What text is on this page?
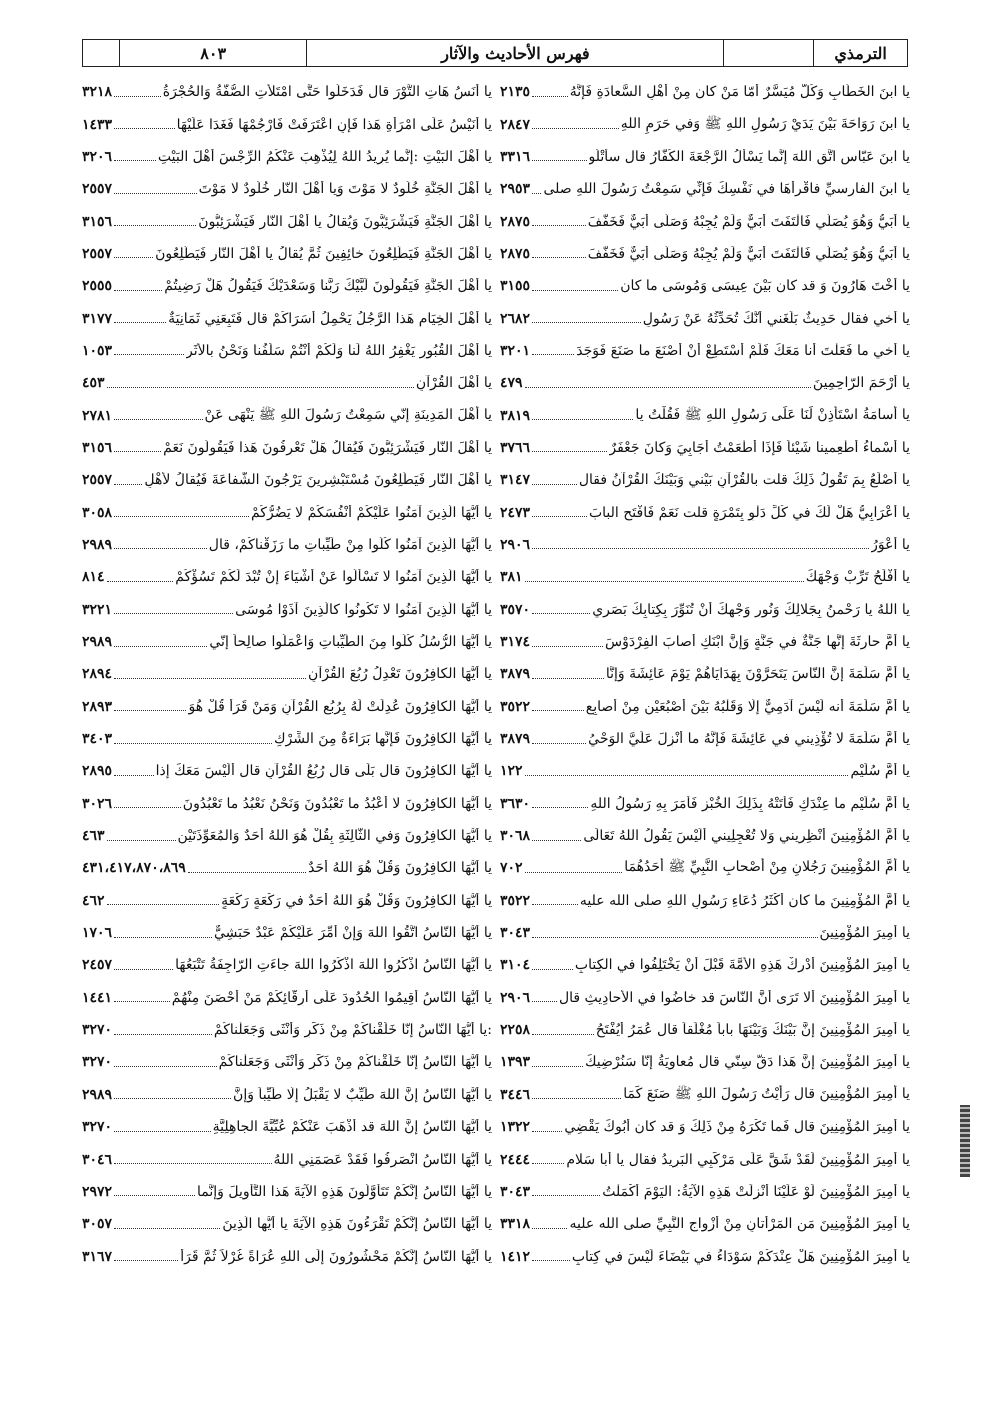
الترمذي
فهرس الأحاديث والآثار
٨٠٣
يا ابنَ الخَطّابِ وَكُلٌّ مُيَسَّرٌ أمّا مَنْ كان مِنْ أَهْلِ السَّعادَةِ فَإِنَّهُ
٢١٣٥
يا ابنَ رَوَاحَةَ بَيْنَ يَدَيْ رَسُولِ اللهِ ﷺ وَفي حَرَمِ اللهِ
٢٨٤٧
يا ابنَ عَبّاسٍ اتَّقِ اللهَ إنَّما يَسْأَلُ الرَّجْعَةَ الكُفّارُ قال سأتْلُو
٣٣١٦
يا ابنَ الفارِسيِّ فاقْرأْهَا في نَفْسِكَ فَإِنِّي سَمِعْتُ رَسُولَ اللهِ صلى
٢٩٥٣
يا أُبَيُّ وَهُوَ يُصَلّي فَالْتَفَتَ أُبَيٌّ وَلَمْ يُجِبْهُ وَصَلّى أُبَيٌّ فَخَفَّفَ
٢٨٧٥
يا أُبَيُّ وَهُوَ يُصَلّي فَالْتَفَتَ أُبَيٌّ وَلَمْ يُجِبْهُ وَصَلّى أُبَيٌّ فَخَفَّفَ
٢٨٧٥
يا أُخْتَ هَارُونَ وَ قد كان بَيْنَ عِيسَى وَمُوسَى ما كان
٣١٥٥
يا أخي فقال حَدِيثٌ بَلَغَني أَنَّكَ تُحَدِّثُهُ عَنْ رَسُولِ
٢٦٨٢
يا أخي ما فَعَلْتَ أنا مَعَكَ فَلَمْ أَسْتَطِعْ أنْ أَصْنَعَ ما صَنَعَ فَوَجَدَ
٣٢٠١
يا أَرْحَمَ الرّاحِمِينَ
٤٧٩
يا أُسامَةُ اسْتَأْذِنْ لَنَا عَلَى رَسُولِ اللهِ ﷺ فَقُلْتُ يا
٣٨١٩
يا أَسْماءُ أَطْعِمينا شَيْئاً فَإِذَا أَطْعَمْتُ أَجَابِيَ وَكانَ جَعْفَرٌ
٣٧٦٦
يا أَصْلَعُ بِمَ تَقُولُ ذَلِكَ قلت بالقُرْآنِ بَيْني وَبَيْنَكَ القُرْآنُ فقال
٣١٤٧
يا أَعْرَابِيُّ هَلْ لَكَ في كُلِّ دَلْوٍ بِتَمْرَةٍ قلت نَعَمْ فَافْتَحِ البابَ
٢٤٧٣
يا أَعْوَرُ
٢٩٠٦
يا أَفْلَحُ تَرِّبْ وَجْهَكَ
٣٨١
يا اللهُ يا رَحْمنُ بِجَلالِكَ وَنُورِ وَجْهِكَ أَنْ تُنَوِّرَ بِكِتابِكَ بَصَري
٣٥٧٠
يا أُمَّ حارِثَةَ إِنَّها جَنَّةٌ في جَنَّةٍ وَإِنَّ ابْنَكِ أَصابَ الفِرْدَوْسَ
٣١٧٤
يا أُمَّ سَلَمَةَ إنَّ النّاسَ يَتَحَرَّوْنَ بِهَدَايَاهُمْ يَوْمَ عَائِشَةَ وَإِنَّا
٣٨٧٩
يا أُمَّ سَلَمَةَ أنه لَيْسَ آدَمِيٌّ إلّا وَقَلْبُهُ بَيْنَ أُصْبُعَيْنِ مِنْ أَصابِعِ
٣٥٢٢
يا أُمَّ سَلَمَةَ لا تُؤْذِيني في عَائِشَةَ فَإِنَّهُ ما أُنْزِلَ عَلَيَّ الوَحْيُ
٣٨٧٩
يا أُمَّ سُلَيْمٍ
١٢٢
يا أُمَّ سُلَيْمٍ ما عِنْدَكِ فَأَتَتْهُ بِذَلِكَ الخُبْزِ فَأَمَرَ بِهِ رَسُولُ اللهِ
٣٦٣٠
يا أُمَّ المُؤْمِنِينَ أَنْظِرِيني وَلا تُعْجِلِيني أَلَيْسَ يَقُولُ اللهُ تَعَالَى
٣٠٦٨
يا أُمَّ المُؤْمِنِينَ رَجُلانِ مِنْ أَصْحابِ النَّبِيِّ ﷺ أَحَدُهُمَا
٧٠٢
يا أُمَّ المُؤْمِنِينَ ما كان أَكْثَرُ دُعَاءِ رَسُولِ اللهِ صلى الله عليه
٣٥٢٢
يا أَمِيرَ المُؤْمِنِينَ
٣٠٤٣
يا أَمِيرَ المُؤْمِنِينَ أَدْرِكْ هَذِهِ الأُمَّةَ قَبْلَ أَنْ يَخْتَلِفُوا في الكِتابِ
٣١٠٤
يا أَمِيرَ المُؤْمِنِينَ أَلا تَرَى أَنَّ النّاسَ قد خاضُوا في الأَحادِيثِ قال
٢٩٠٦
يا أَمِيرَ المُؤْمِنِينَ إنَّ بَيْنَكَ وَبَيْنَهَا باباً مُغْلَقاً قال عُمَرُ أَيُفْتَحُ
٢٢٥٨
يا أَمِيرَ المُؤْمِنِينَ إنَّ هَذا دَقَّ سِنّي قال مُعاوِيَةُ إنّا سَنُرْضِيكَ
١٣٩٣
يا أَمِيرَ المُؤْمِنِينَ قال رَأَيْتُ رَسُولَ اللهِ ﷺ صَنَعَ كَمَا
٣٤٤٦
يا أَمِيرَ المُؤْمِنِينَ قال فَما تَكْرَهُ مِنْ ذَلِكَ وَ قد كان أَبُوكَ يَقْضِي
١٣٢٢
يا أَمِيرَ المُؤْمِنِينَ لَقَدْ شَقَّ عَلَى مَرْكَبِي البَرِيدُ فقال يا أَبا سَلامٍ
٢٤٤٤
يا أَمِيرَ المُؤْمِنِينَ لَوْ عَلَيْنَا أُنْزِلَتْ هَذِهِ الآيَةُ: اليَوْمَ أَكْمَلْتُ
٣٠٤٣
يا أَمِيرَ المُؤْمِنِينَ مَنِ المَرْأَتانِ مِنْ أَزْواجِ النَّبِيِّ صلى الله عليه
٣٣١٨
يا أَمِيرَ المُؤْمِنِينَ هَلْ عِنْدَكُمْ سَوْدَاءُ في بَيْضَاءَ لَيْسَ في كِتابِ
١٤١٢
يا أَنَسُ هَاتِ التَّوْرَ قال فَدَخَلُوا حَتَّى امْتَلأَتِ الصُّفَّةُ وَالحُجْرَةُ
٣٢١٨
يا أُنَيْسُ عَلَى امْرَأَةِ هَذا فَإِنِ اعْتَرَفَتْ فَارْجُمْهَا فَغَدَا عَلَيْهَا
١٤٣٣
يا أَهْلَ البَيْتِ :إنَّما يُرِيدُ اللهُ لِيُذْهِبَ عَنْكُمُ الرِّجْسَ أَهْلَ البَيْتِ
٣٢٠٦
يا أَهْلَ الجَنَّةِ خُلُودٌ لا مَوْتَ وَيا أَهْلَ النّارِ خُلُودٌ لا مَوْتَ
٢٥٥٧
يا أَهْلَ الجَنَّةِ فَيَشْرَئِبُّونَ وَيُقالُ يا أَهْلَ النّارِ فَيَشْرَئِبُّونَ
٣١٥٦
يا أَهْلَ الجَنَّةِ فَيَطَّلِعُونَ خائِفِينَ ثُمَّ يُقالُ يا أَهْلَ النّارِ فَيَطَّلِعُونَ
٢٥٥٧
يا أَهْلَ الجَنَّةِ فَيَقُولُونَ لَبَّيْكَ رَبَّنا وَسَعْدَيْكَ فَيَقُولُ هَلْ رَضِيتُمْ
٢٥٥٥
يا أَهْلَ الخِيَامِ هَذا الرَّجُلُ يَحْمِلُ أُسَرَاكُمْ قال فَتَبِعَنِي ثَمَانِيَةٌ
٣١٧٧
يا أَهْلَ القُبُورِ يَغْفِرُ اللهُ لَنا وَلَكُمْ أَنْتُمْ سَلَفُنا وَنَحْنُ بالأَثَرِ
١٠٥٣
يا أَهْلَ القُرْآنِ
٤٥٣
يا أَهْلَ المَدِينَةِ إنّي سَمِعْتُ رَسُولَ اللهِ ﷺ يَنْهَى عَنْ
٢٧٨١
يا أَهْلَ النّارِ فَيَشْرَئِبُّونَ فَيُقالُ هَلْ تَعْرِفُونَ هَذا فَيَقُولُونَ نَعَمْ
٣١٥٦
يا أَهْلَ النّارِ فَيَطَّلِعُونَ مُسْتَبْشِرِينَ يَرْجُونَ الشَّفاعَةَ فَيُقالُ لأَهْلِ
٢٥٥٧
يا أَيُّهَا الَّذِينَ آمَنُوا عَلَيْكُمْ أَنْفُسَكُمْ لا يَضُرُّكُمْ
٣٠٥٨
يا أَيُّهَا الَّذِينَ آمَنُوا كُلُوا مِنْ طَيِّباتِ ما رَزَقْناكُمْ، قال
٢٩٨٩
يا أَيُّهَا الَّذِينَ آمَنُوا لا تَسْأَلُوا عَنْ أَشْيَاءَ إنْ تُبْدَ لَكُمْ تَسُؤْكُمْ
٨١٤
يا أَيُّهَا الَّذِينَ آمَنُوا لا تَكُونُوا كالَّذِينَ آذَوْا مُوسَى
٣٢٢١
يا أَيُّهَا الرُّسُلُ كُلُوا مِنَ الطَّيِّباتِ وَاعْمَلُوا صالِحاً إنّي
٢٩٨٩
يا أَيُّهَا الكافِرُونَ تَعْدِلُ رُبُعَ القُرْآنِ
٢٨٩٤
يا أَيُّهَا الكافِرُونَ عُدِلَتْ لَهُ بِرُبُعِ القُرْآنِ وَمَنْ قَرَأَ قُلْ هُوَ
٢٨٩٣
يا أَيُّهَا الكافِرُونَ فَإِنَّها بَرَاءَةٌ مِنَ الشِّرْكِ
٣٤٠٣
يا أَيُّهَا الكافِرُونَ قال بَلَى قال رُبُعُ القُرْآنِ قال أَلَيْسَ مَعَكَ إذا
٢٨٩٥
يا أَيُّهَا الكافِرُونَ لا أَعْبُدُ ما تَعْبُدُونَ وَنَحْنُ نَعْبُدُ ما تَعْبُدُونَ
٣٠٢٦
يا أَيُّهَا الكافِرُونَ وَفي الثّالِثَةِ بِقُلْ هُوَ اللهُ أَحَدٌ وَالمُعَوِّذَتَيْنِ
٤٦٣
يا أَيُّهَا الكافِرُونَ وَقُلْ هُوَ اللهُ أَحَدٌ
٤٣١،٤١٧،٨٧٠،٨٦٩
يا أَيُّهَا الكافِرُونَ وَقُلْ هُوَ اللهُ أَحَدٌ في رَكْعَةٍ رَكْعَةٍ
٤٦٢
يا أَيُّهَا النّاسُ اتَّقُوا اللهَ وَإِنْ أُمِّرَ عَلَيْكُمْ عَبْدٌ حَبَشِيٌّ
١٧٠٦
يا أَيُّهَا النّاسُ اذْكُرُوا اللهَ اذْكُرُوا اللهَ جاءَتِ الرّاجِفَةُ تَتْبَعُهَا
٢٤٥٧
يا أَيُّهَا النّاسُ أَقِيمُوا الحُدُودَ عَلَى أَرِقّائِكُمْ مَنْ أَحْصَنَ مِنْهُمْ
١٤٤١
:يا أَيُّهَا النّاسُ إنّا خَلَقْناكُمْ مِنْ ذَكَرٍ وَأُنْثَى وَجَعَلْناكُمْ
٣٢٧٠
يا أَيُّهَا النّاسُ إنّا خَلَقْناكُمْ مِنْ ذَكَرٍ وَأُنْثَى وَجَعَلْناكُمْ
٣٢٧٠
يا أَيُّهَا النّاسُ إنَّ اللهَ طَيِّبٌ لا يَقْبَلُ إلّا طَيِّباً وَإنَّ
٢٩٨٩
يا أَيُّهَا النّاسُ إنَّ اللهَ قد أَذْهَبَ عَنْكُمْ عُبِّيَّةَ الجاهِلِيَّةِ
٣٢٧٠
يا أَيُّهَا النّاسُ انْصَرِفُوا فَقَدْ عَصَمَنِي اللهُ
٣٠٤٦
يا أَيُّهَا النّاسُ إنَّكُمْ تَتَأَوَّلُونَ هَذِهِ الآيَةَ هَذا التَّأْوِيلَ وَإنَّما
٢٩٧٢
يا أَيُّهَا النّاسُ إنَّكُمْ تَقْرَءُونَ هَذِهِ الآيَةَ يا أَيُّها الَّذِينَ
٣٠٥٧
يا أَيُّهَا النّاسُ إنَّكُمْ مَحْشُورُونَ إلَى اللهِ عُرَاةً غُرْلاً ثُمَّ قَرَأَ
٣١٦٧
